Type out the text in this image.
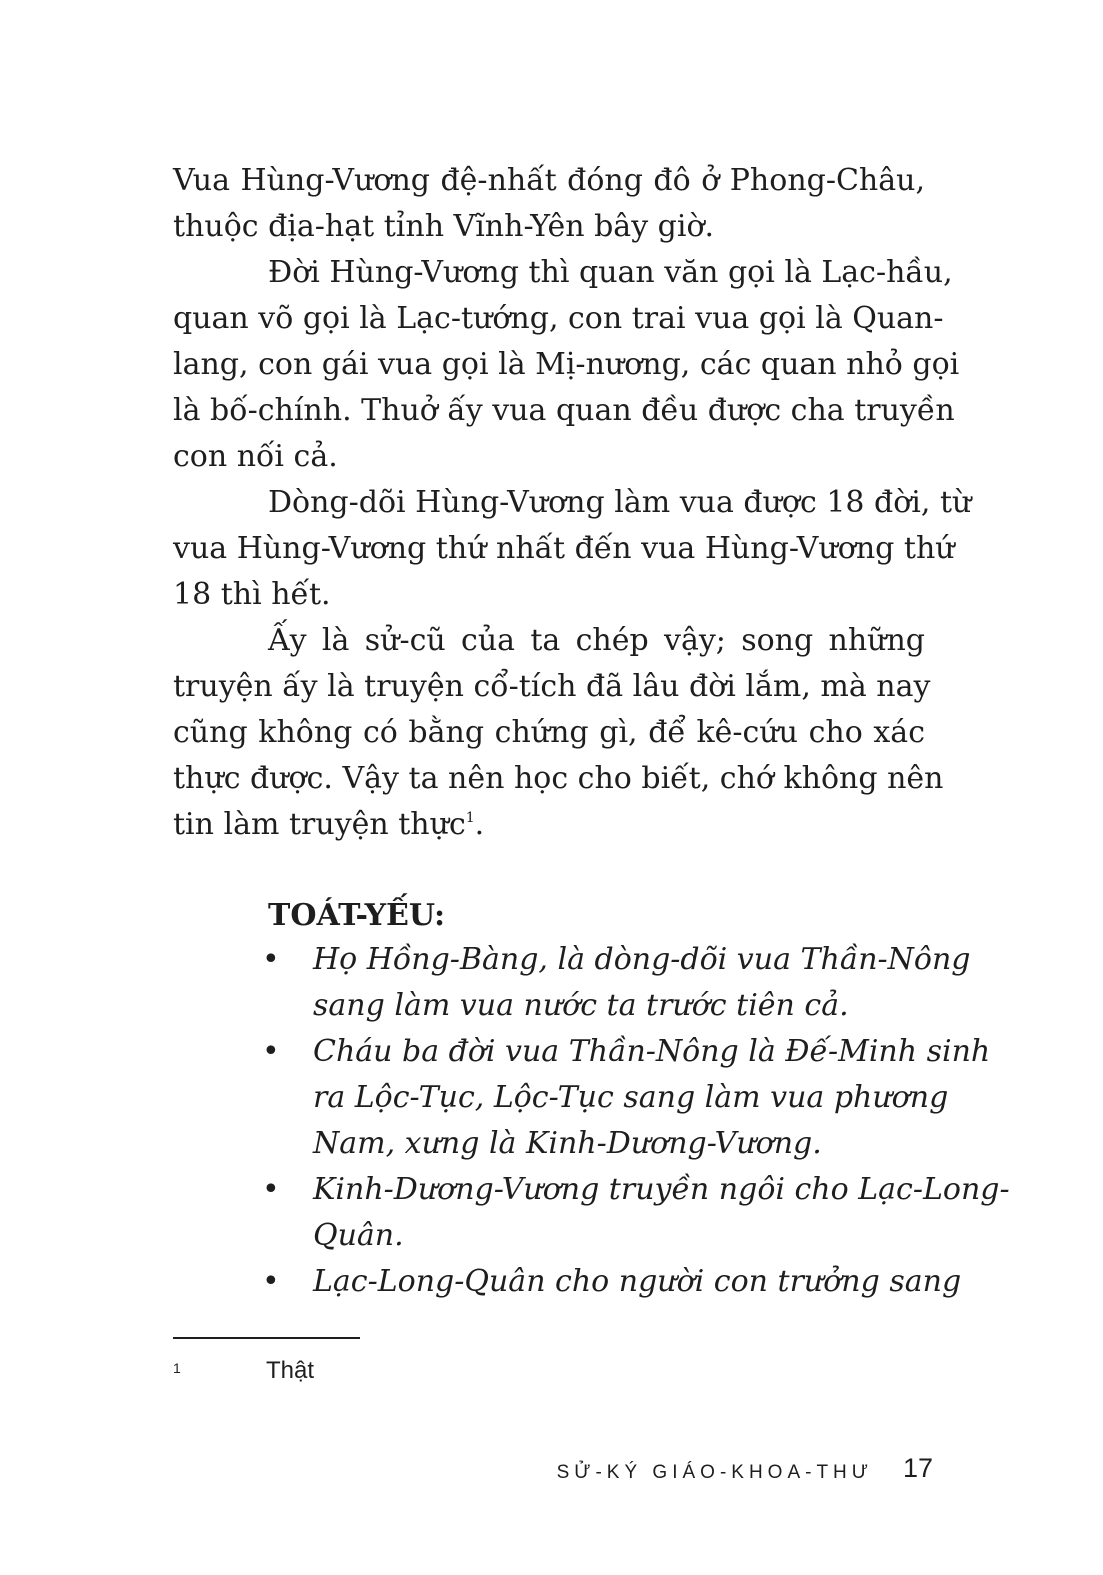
Vua Hùng-Vương đệ-nhất đóng đô ở Phong-Châu,
thuộc địa-hạt tỉnh Vĩnh-Yên bây giờ.
Đời Hùng-Vương thì quan văn gọi là Lạc-hầu,
quan võ gọi là Lạc-tướng, con trai vua gọi là Quan-
lang, con gái vua gọi là Mị-nương, các quan nhỏ gọi
là bố-chính. Thuở ấy vua quan đều được cha truyền
con nối cả.
Dòng-dõi Hùng-Vương làm vua được 18 đời, từ
vua Hùng-Vương thứ nhất đến vua Hùng-Vương thứ
18 thì hết.
Ấy là sử-cũ của ta chép vậy; song những
truyện ấy là truyện cổ-tích đã lâu đời lắm, mà nay
cũng không có bằng chứng gì, để kê-cứu cho xác
thực được. Vậy ta nên học cho biết, chớ không nên
tin làm truyện thực$^1$.
TOÁT-YẾU:
• Họ Hồng-Bàng, là dòng-dõi vua Thần-Nông
sang làm vua nước ta trước tiên cả.
• Cháu ba đời vua Thần-Nông là Đế-Minh sinh
ra Lộc-Tục, Lộc-Tục sang làm vua phương
Nam, xưng là Kinh-Dương-Vương.
• Kinh-Dương-Vương truyền ngôi cho Lạc-Long-
Quân.
• Lạc-Long-Quân cho người con trưởng sang
1	Thật
SỬ-KÝ GIÁO-KHOA-THƯ 17
